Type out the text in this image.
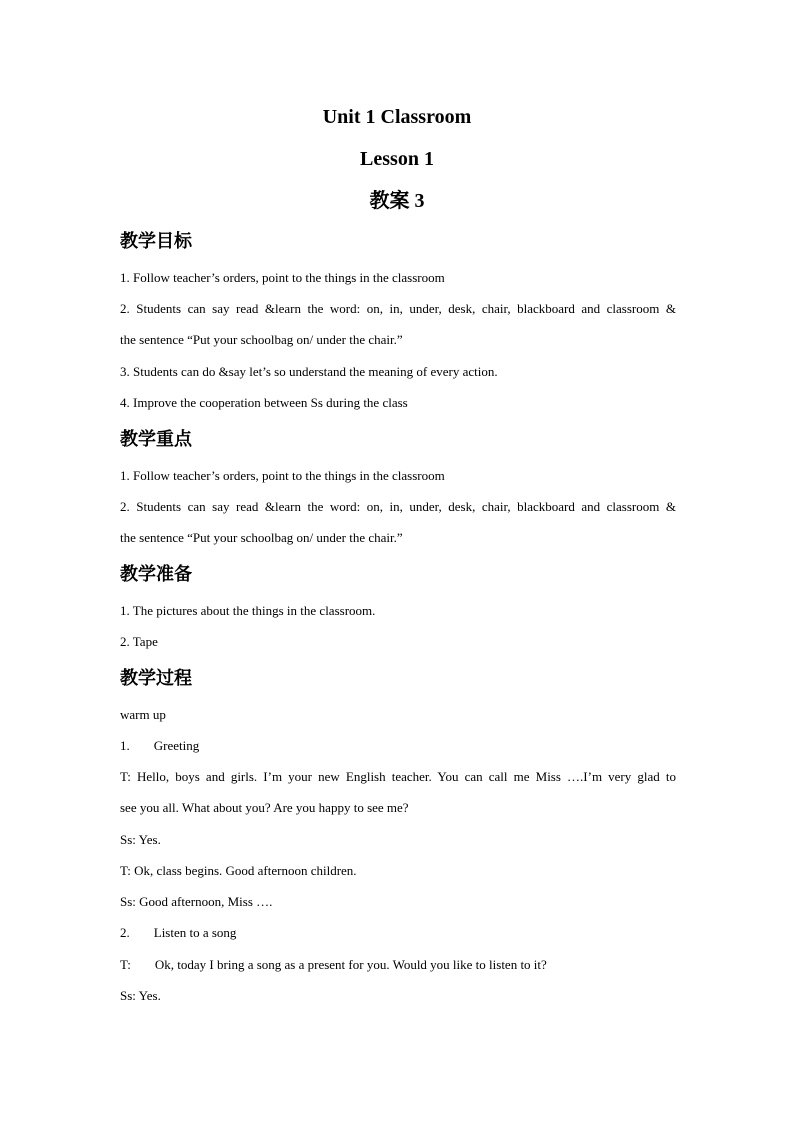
Unit 1 Classroom
Lesson 1
教案 3
教学目标

1. Follow teacher’s orders, point to the things in the classroom

2. Students can say read &learn the word: on, in, under, desk, chair, blackboard and classroom &

the sentence “Put your schoolbag on/ under the chair.”

3. Students can do &say let’s so understand the meaning of every action.

4. Improve the cooperation between Ss during the class

教学重点

1. Follow teacher’s orders, point to the things in the classroom

2. Students can say read &learn the word: on, in, under, desk, chair, blackboard and classroom &

the sentence “Put your schoolbag on/ under the chair.”

教学准备

1. The pictures about the things in the classroom.

2. Tape

教学过程

warm up

1. Greeting

T: Hello, boys and girls. I’m your new English teacher. You can call me Miss ….I’m very glad to

see you all. What about you? Are you happy to see me?

Ss: Yes.

T: Ok, class begins. Good afternoon children.

Ss: Good afternoon, Miss ….

2. Listen to a song

T: Ok, today I bring a song as a present for you. Would you like to listen to it?

Ss: Yes.
